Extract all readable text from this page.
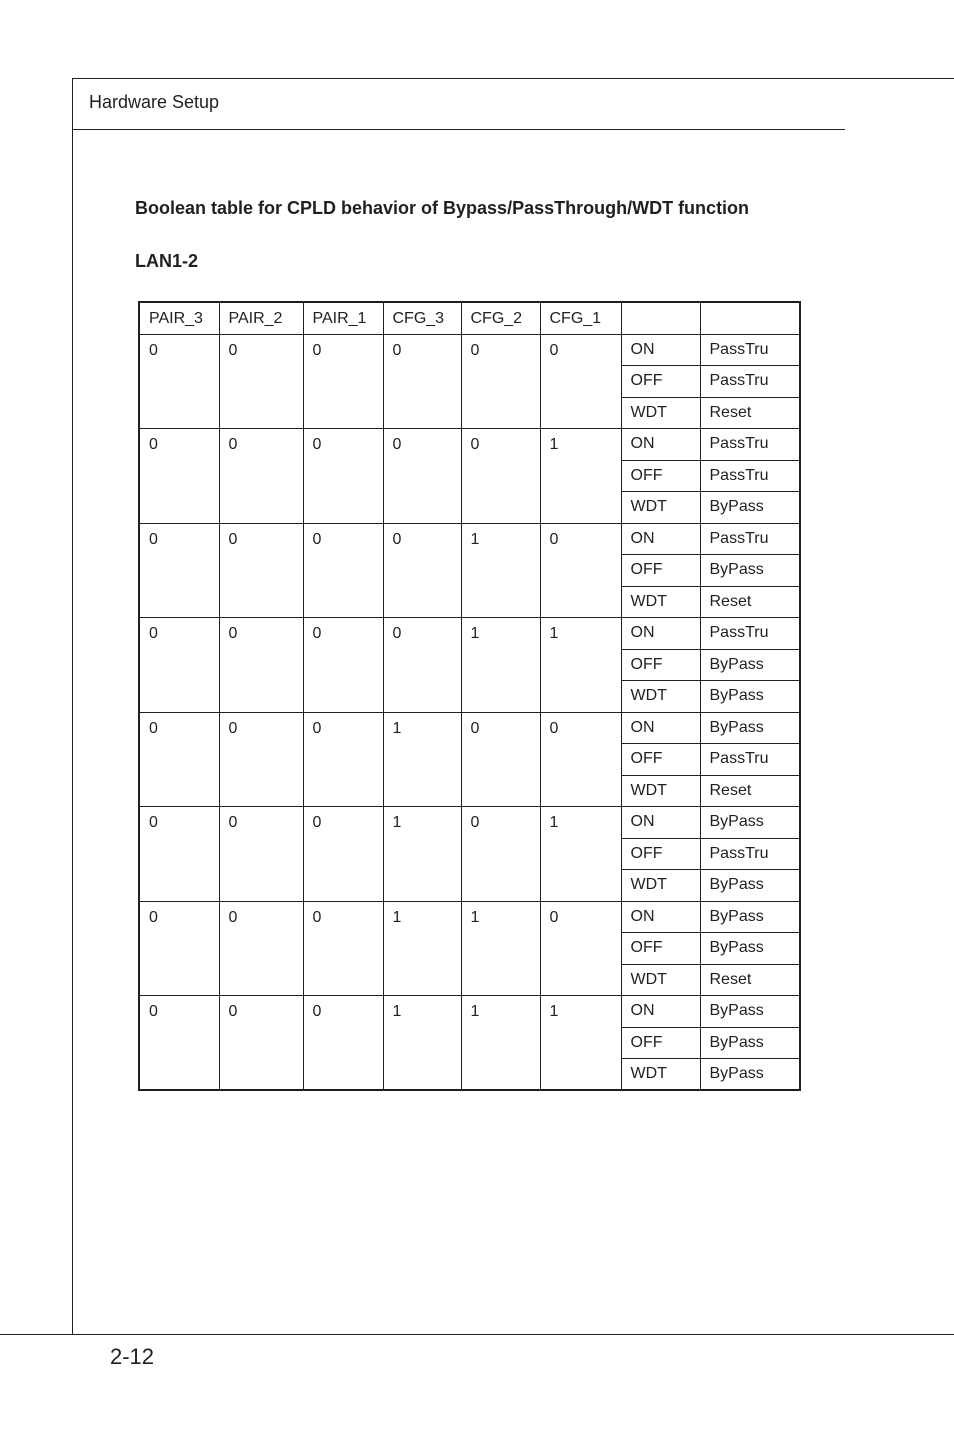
Hardware Setup
Boolean table for CPLD behavior of Bypass/PassThrough/WDT function
LAN1-2
PAIR_3	PAIR_2	PAIR_1	CFG_3	CFG_2	CFG_1		
0	0	0	0	0	0	ON	PassTru
						OFF	PassTru
						WDT	Reset
0	0	0	0	0	1	ON	PassTru
						OFF	PassTru
						WDT	ByPass
0	0	0	0	1	0	ON	PassTru
						OFF	ByPass
						WDT	Reset
0	0	0	0	1	1	ON	PassTru
						OFF	ByPass
						WDT	ByPass
0	0	0	1	0	0	ON	ByPass
						OFF	PassTru
						WDT	Reset
0	0	0	1	0	1	ON	ByPass
						OFF	PassTru
						WDT	ByPass
0	0	0	1	1	0	ON	ByPass
						OFF	ByPass
						WDT	Reset
0	0	0	1	1	1	ON	ByPass
						OFF	ByPass
						WDT	ByPass
2-12
